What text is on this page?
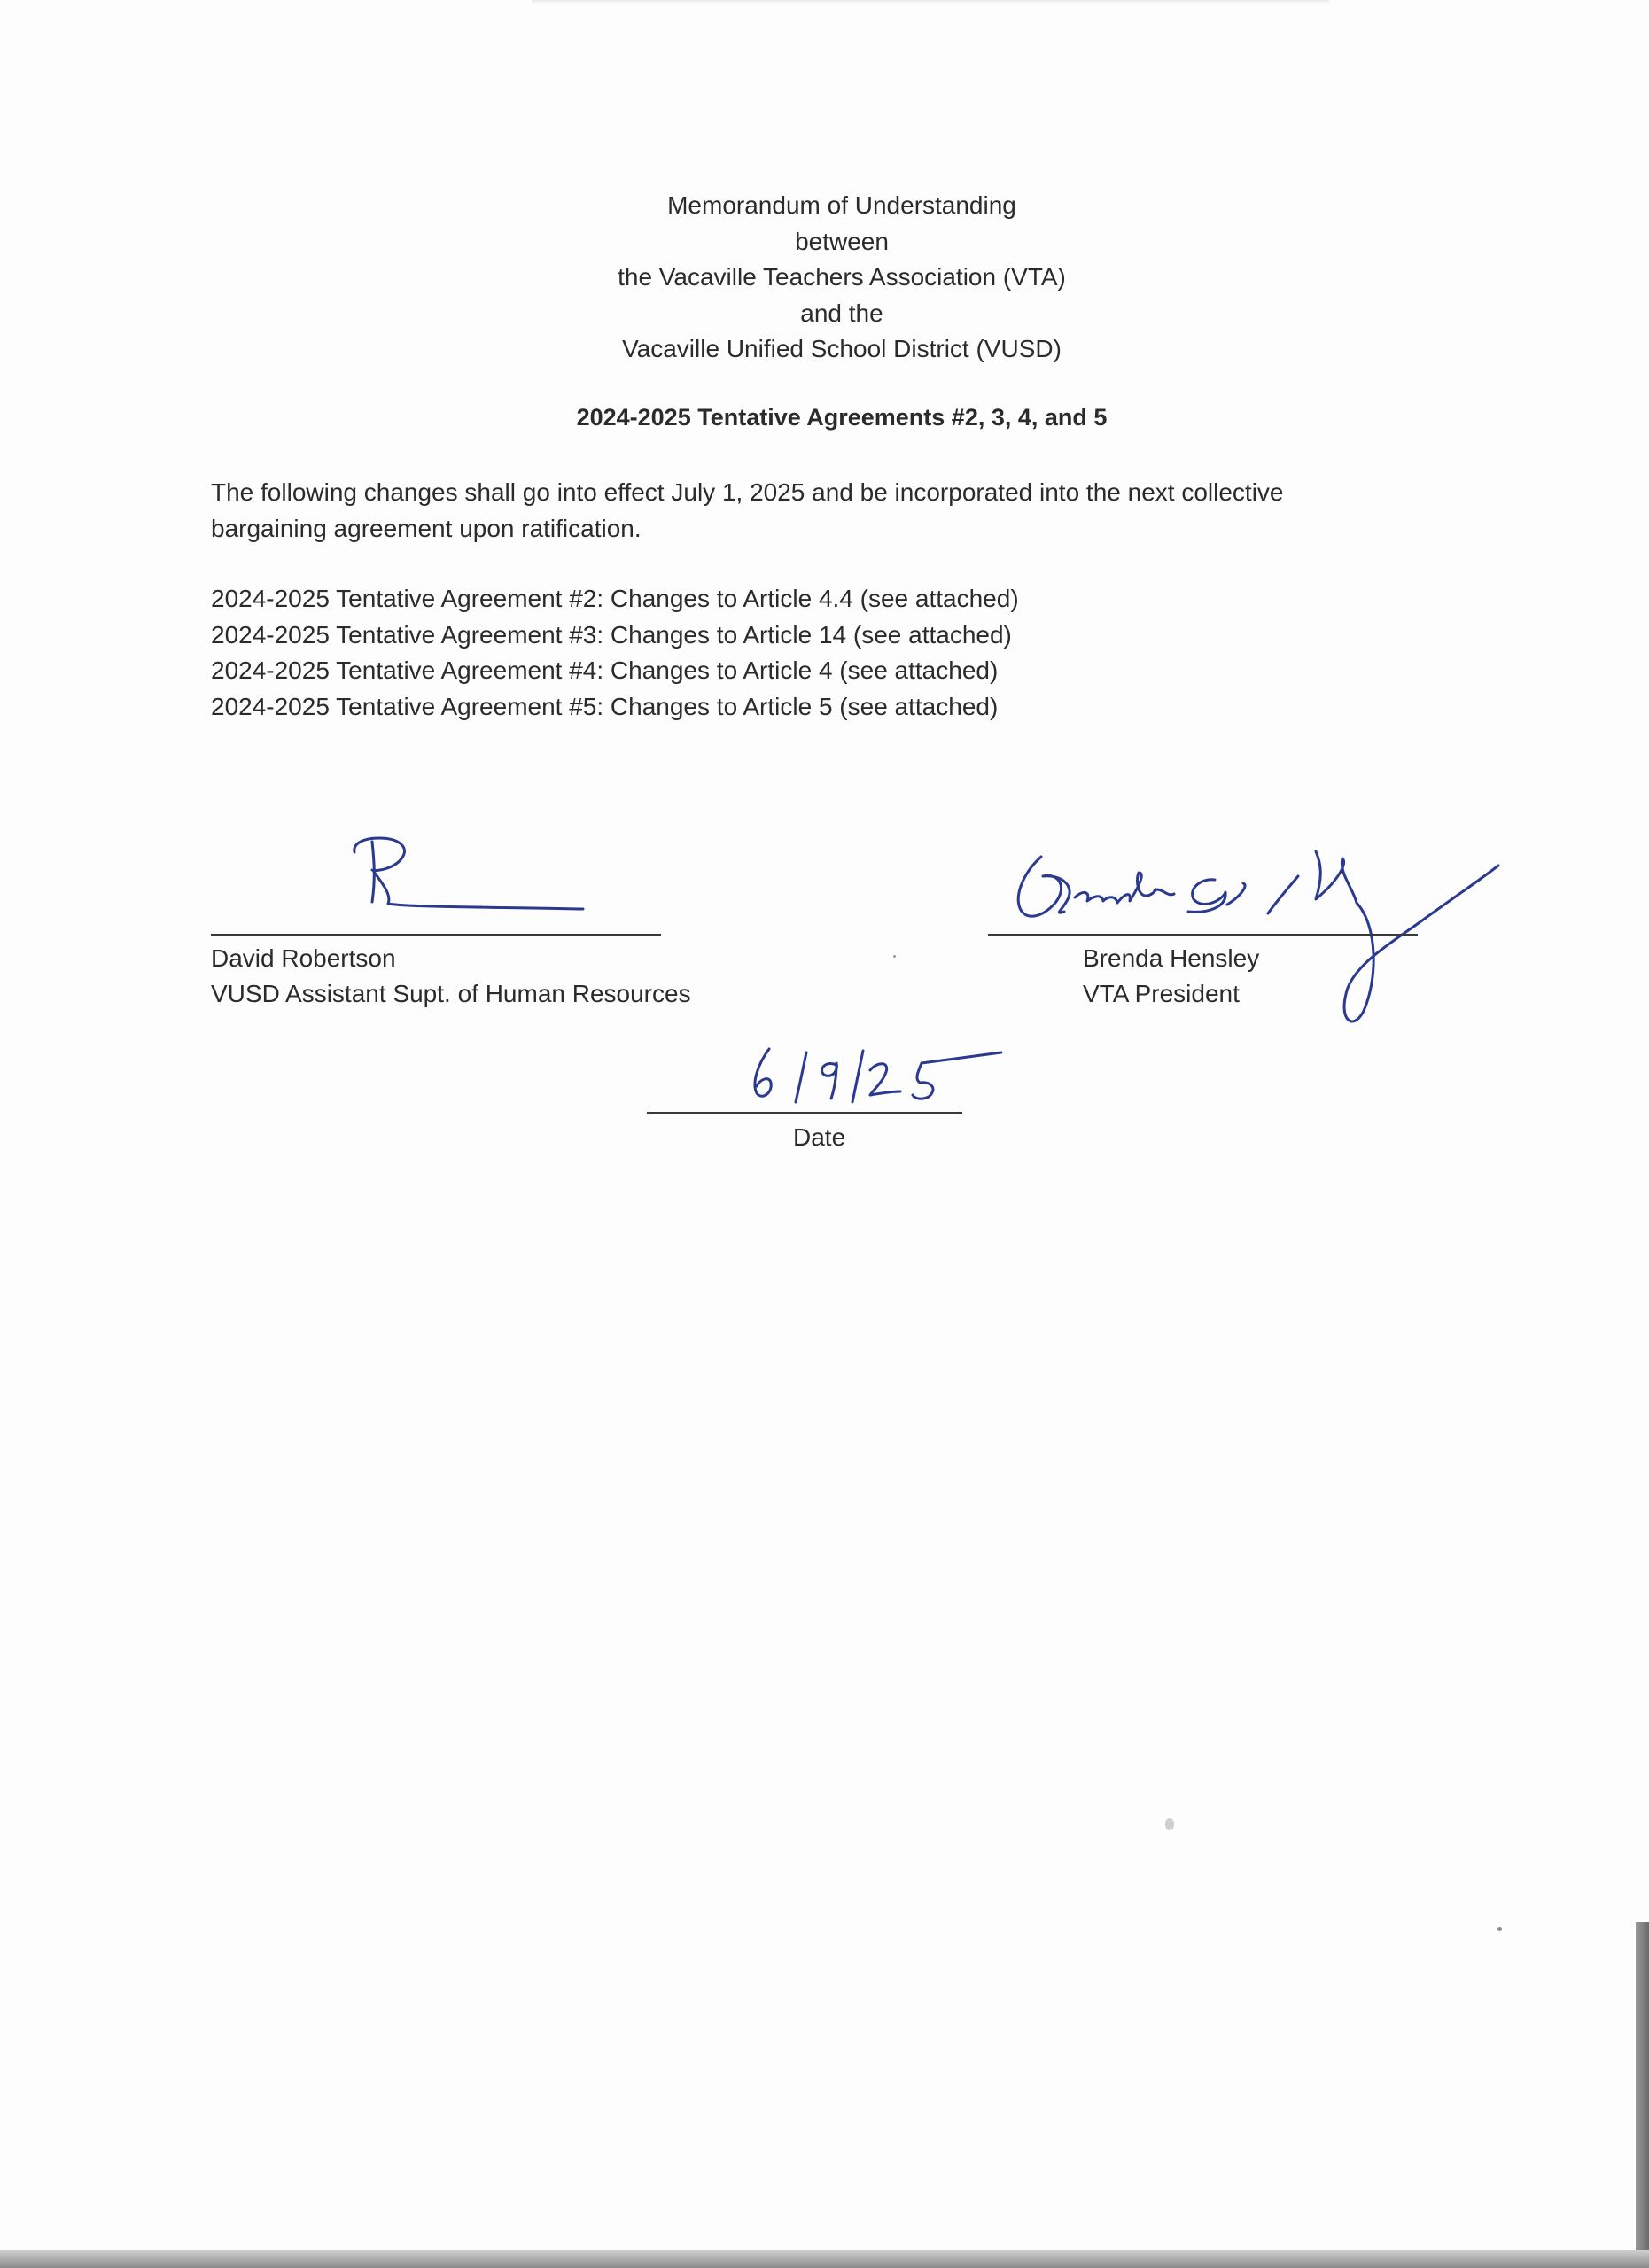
Memorandum of Understanding
between
the Vacaville Teachers Association (VTA)
and the
Vacaville Unified School District (VUSD)
2024-2025 Tentative Agreements #2, 3, 4, and 5
The following changes shall go into effect July 1, 2025 and be incorporated into the next collective
bargaining agreement upon ratification.
2024-2025 Tentative Agreement #2: Changes to Article 4.4 (see attached)
2024-2025 Tentative Agreement #3: Changes to Article 14 (see attached)
2024-2025 Tentative Agreement #4: Changes to Article 4 (see attached)
2024-2025 Tentative Agreement #5: Changes to Article 5 (see attached)
David Robertson
VUSD Assistant Supt. of Human Resources
Brenda Hensley
VTA President
Date
